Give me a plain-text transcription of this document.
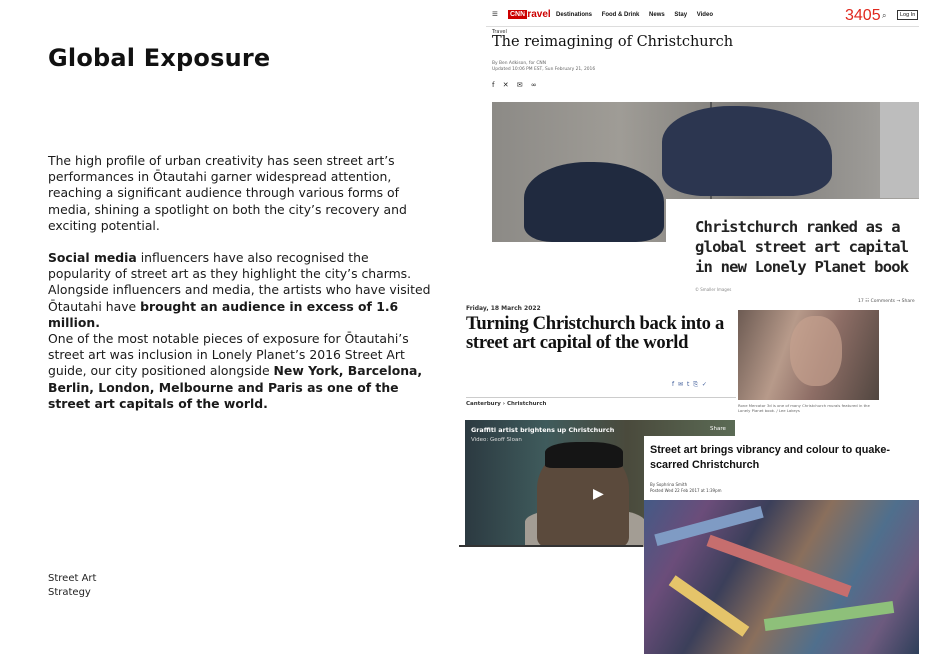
Global Exposure
The high profile of urban creativity has seen street art’s performances in Ōtautahi garner widespread attention, reaching a significant audience through various forms of media, shining a spotlight on both the city’s recovery and exciting potential.
Social media influencers have also recognised the popularity of street art as they highlight the city’s charms. Alongside influencers and media, the artists who have visited Ōtautahi have brought an audience in excess of 1.6 million.
One of the most notable pieces of exposure for Ōtautahi’s street art was inclusion in Lonely Planet’s 2016 Street Art guide, our city positioned alongside New York, Barcelona, Berlin, London, Melbourne and Paris as one of the street art capitals of the world.
Street Art
Strategy
≡ CNN
travel Destinations Food & Drink News Stay Video	3405 ⌕	Log In
Travel
The reimagining of Christchurch
By Ben Adkison, for CNN
Updated 10:06 PM EST, Sun February 21, 2016
f ✕ ✉ ∞
Christchurch ranked as a global street art capital in new Lonely Planet book
© Smaller Images
Friday, 18 March 2022
Turning Christchurch back into a street art capital of the world
f ✉ t ⎘ ✓
Canterbury › Christchurch
17 ☷ Comments → Share
Rone Mercator 3d is one of many Christchurch murals featured in the Lonely Planet book. / Lee Lakeys
Graffiti artist brightens up Christchurch
Video: Geoff Sloan
Share
▶
Street art brings vibrancy and colour to quake-scarred Christchurch
By Sophrina Smith
Posted Wed 22 Feb 2017 at 1:39pm
